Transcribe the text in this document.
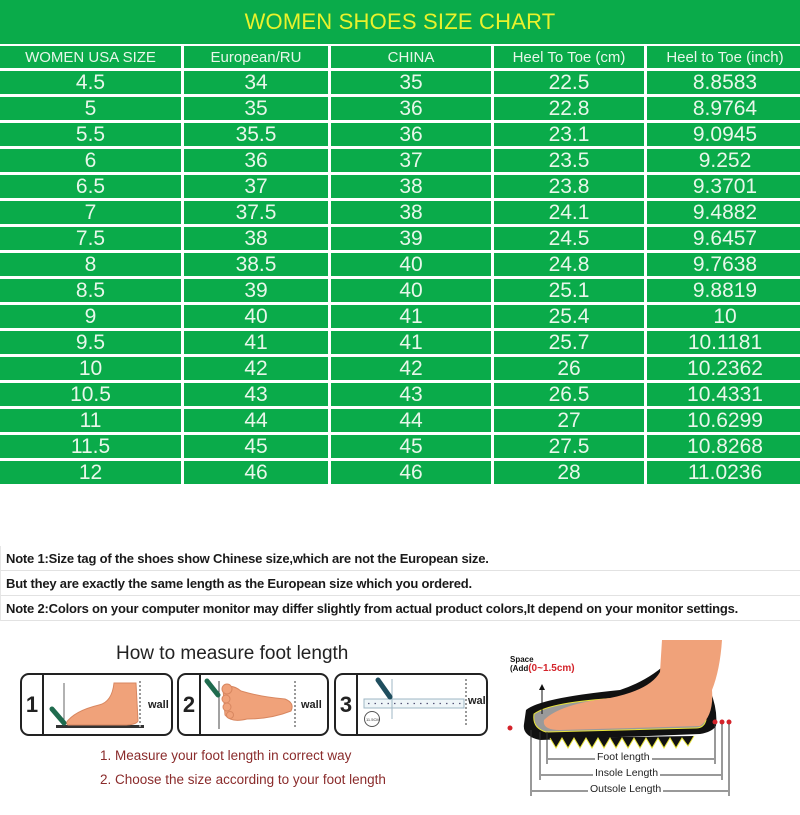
WOMEN SHOES SIZE CHART
WOMEN USA SIZE	European/RU	CHINA	Heel To Toe (cm)	Heel to Toe (inch)
4.5	34	35	22.5	8.8583
5	35	36	22.8	8.9764
5.5	35.5	36	23.1	9.0945
6	36	37	23.5	9.252
6.5	37	38	23.8	9.3701
7	37.5	38	24.1	9.4882
7.5	38	39	24.5	9.6457
8	38.5	40	24.8	9.7638
8.5	39	40	25.1	9.8819
9	40	41	25.4	10
9.5	41	41	25.7	10.1181
10	42	42	26	10.2362
10.5	43	43	26.5	10.4331
11	44	44	27	10.6299
11.5	45	45	27.5	10.8268
12	46	46	28	11.0236
Note 1:Size tag of the shoes show Chinese size,which are not the European size.
But they are exactly the same length as the European size which you ordered.
Note 2:Colors on your computer monitor may differ slightly from actual product colors,It depend on your monitor settings.
How to measure foot length
1	wall 2	wall 3
11.5CM
wall
1. Measure your foot length in correct way
2. Choose the size according to your foot length
Space
(Add(0~1.5cm)
Foot length
Insole Length
Outsole Length
